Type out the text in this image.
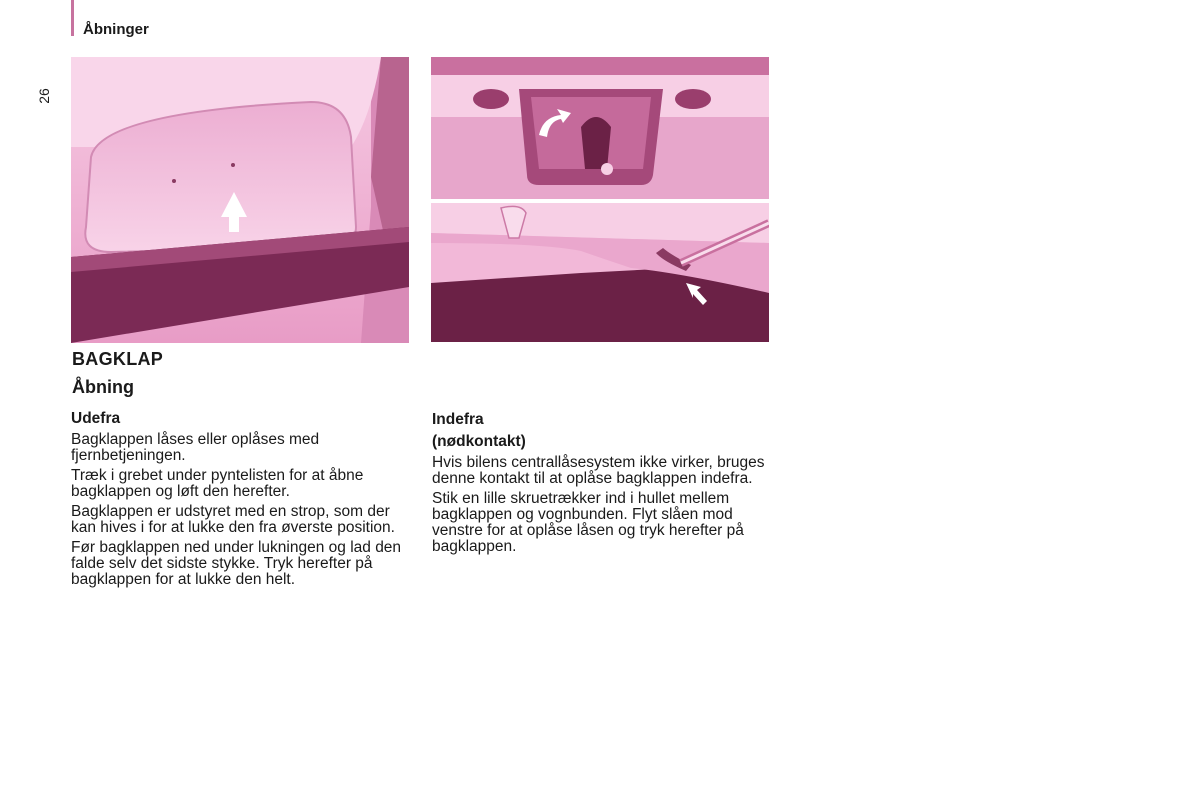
Åbninger
26
BAGKLAP
Åbning
Udefra

Bagklappen låses eller oplåses med fjernbetjeningen.

Træk i grebet under pyntelisten for at åbne bagklappen og løft den herefter.

Bagklappen er udstyret med en strop, som der kan hives i for at lukke den fra øverste position.

Før bagklappen ned under lukningen og lad den falde selv det sidste stykke. Tryk herefter på bagklappen for at lukke den helt.

Indefra
(nødkontakt)

Hvis bilens centrallåsesystem ikke virker, bruges denne kontakt til at oplåse bagklappen indefra.

Stik en lille skruetrækker ind i hullet mellem bagklappen og vognbunden. Flyt slåen mod venstre for at oplåse låsen og tryk herefter på bagklappen.
